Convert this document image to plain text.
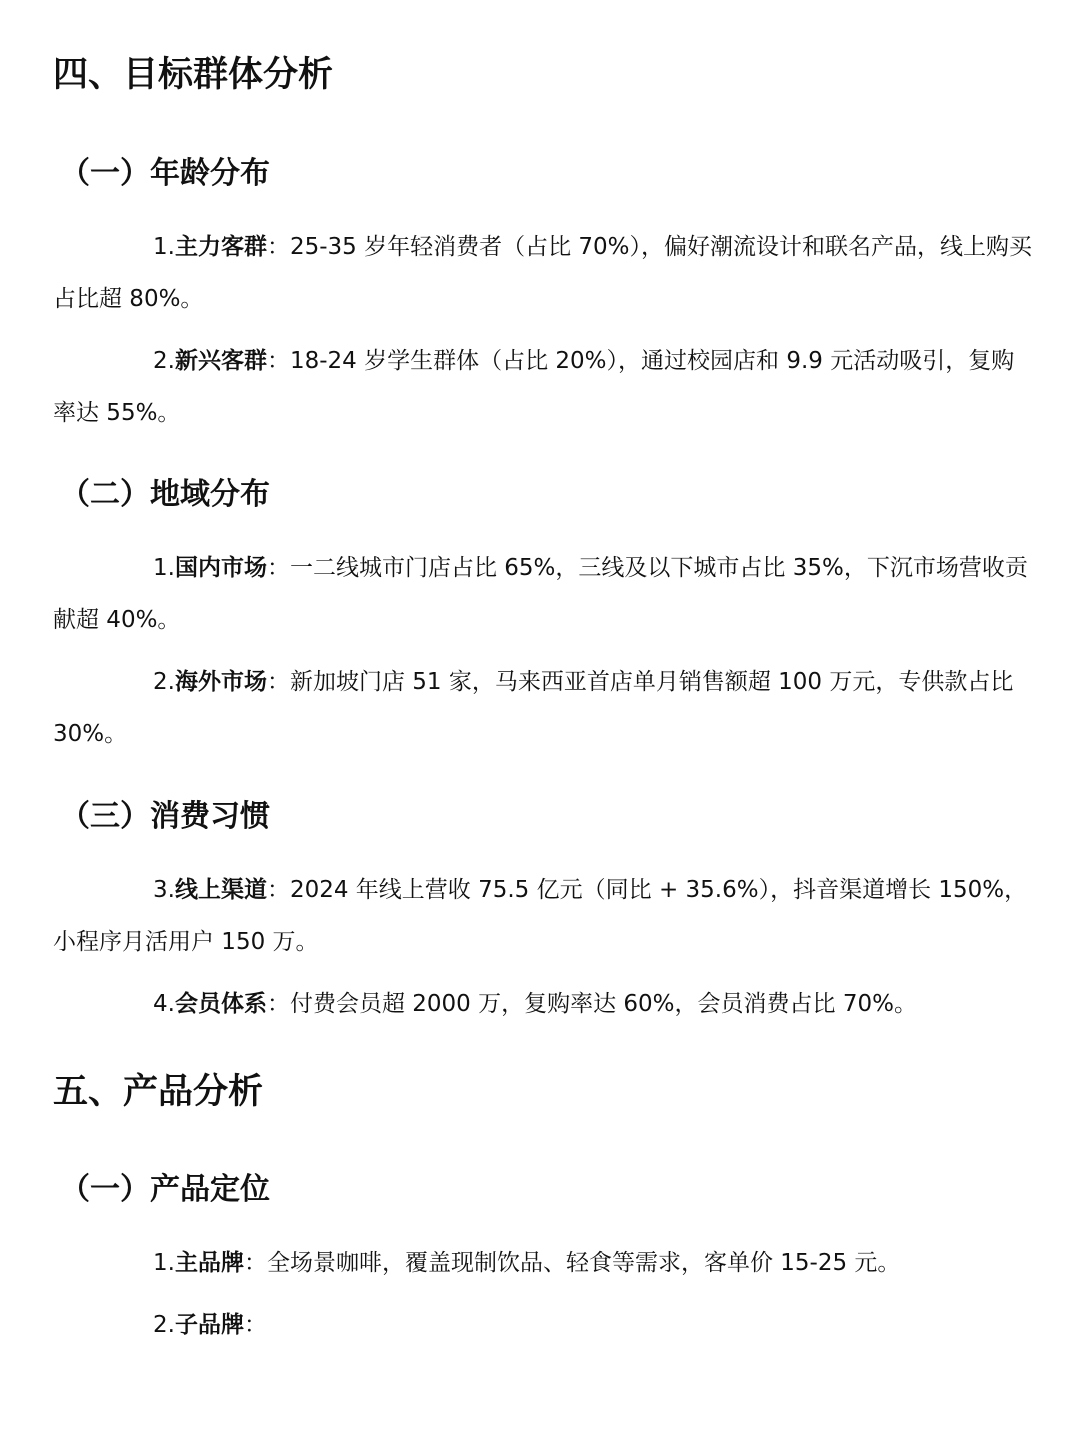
四、目标群体分析
（一）年龄分布

1.主力客群：25-35 岁年轻消费者（占比 70%），偏好潮流设计和联名产品，线上购买占比超 80%。

2.新兴客群：18-24 岁学生群体（占比 20%），通过校园店和 9.9 元活动吸引，复购率达 55%。

（二）地域分布

1.国内市场：一二线城市门店占比 65%，三线及以下城市占比 35%，下沉市场营收贡献超 40%。

2.海外市场：新加坡门店 51 家，马来西亚首店单月销售额超 100 万元，专供款占比 30%。

（三）消费习惯

3.线上渠道：2024 年线上营收 75.5 亿元（同比 + 35.6%），抖音渠道增长 150%，小程序月活用户 150 万。

4.会员体系：付费会员超 2000 万，复购率达 60%，会员消费占比 70%。

五、产品分析
（一）产品定位

1.主品牌：全场景咖啡，覆盖现制饮品、轻食等需求，客单价 15-25 元。

2.子品牌：
